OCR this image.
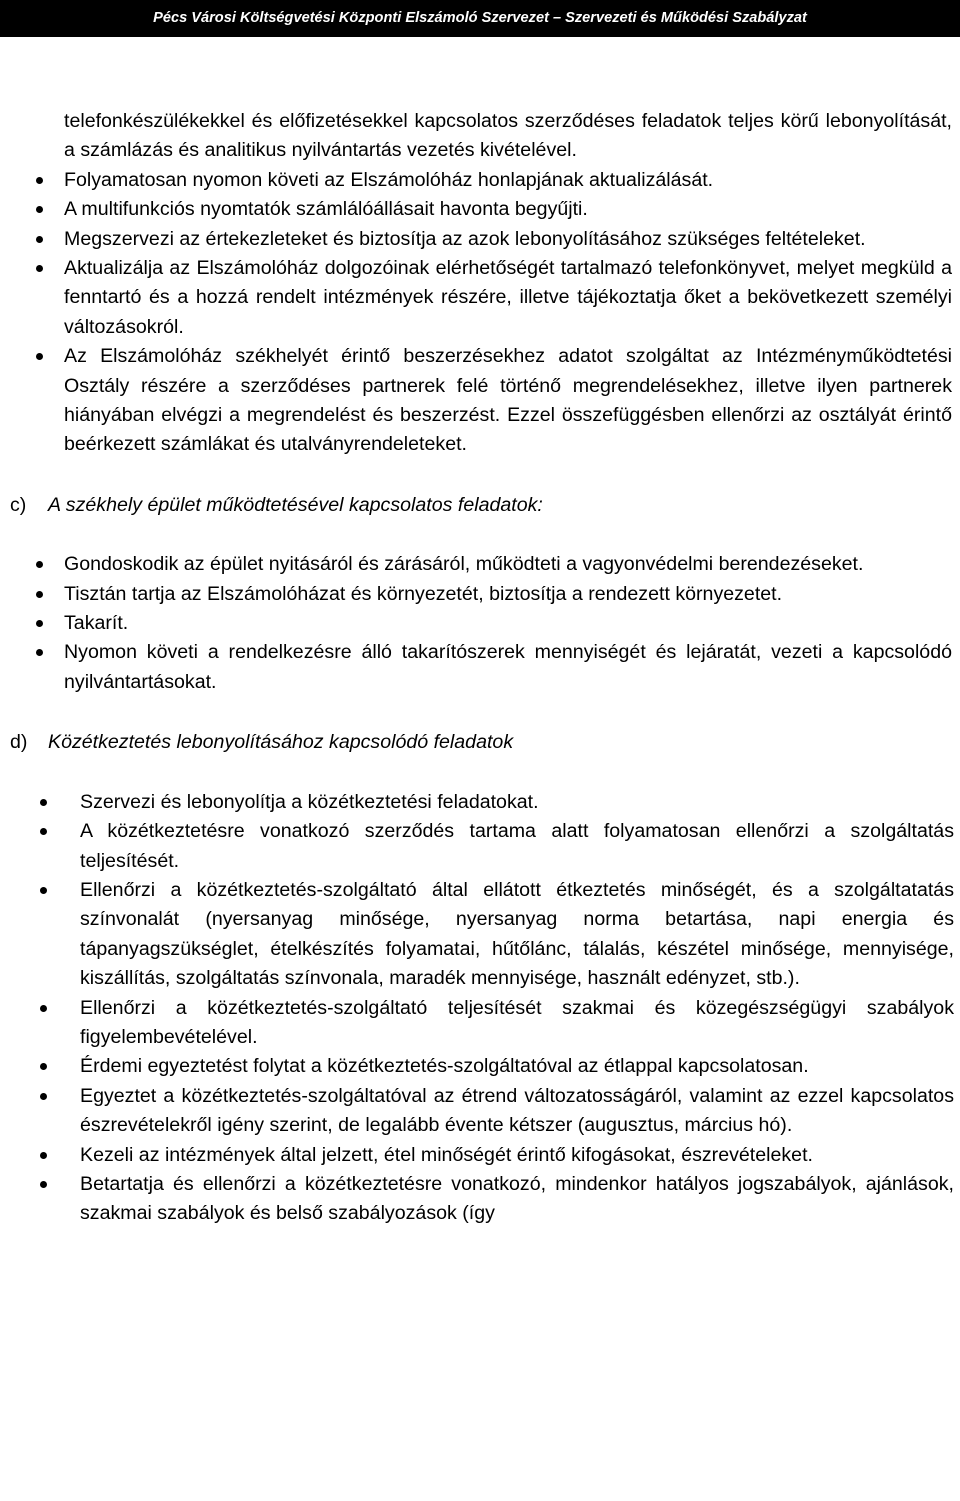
Pécs Városi Költségvetési Központi Elszámoló Szervezet – Szervezeti és Működési Szabályzat
telefonkészülékekkel és előfizetésekkel kapcsolatos szerződéses feladatok teljes körű lebonyolítását, a számlázás és analitikus nyilvántartás vezetés kivételével.
Folyamatosan nyomon követi az Elszámolóház honlapjának aktualizálását.
A multifunkciós nyomtatók számlálóállásait havonta begyűjti.
Megszervezi az értekezleteket és biztosítja az azok lebonyolításához szükséges feltételeket.
Aktualizálja az Elszámolóház dolgozóinak elérhetőségét tartalmazó telefonkönyvet, melyet megküld a fenntartó és a hozzá rendelt intézmények részére, illetve tájékoztatja őket a bekövetkezett személyi változásokról.
Az Elszámolóház székhelyét érintő beszerzésekhez adatot szolgáltat az Intézményműködtetési Osztály részére a szerződéses partnerek felé történő megrendelésekhez, illetve ilyen partnerek hiányában elvégzi a megrendelést és beszerzést. Ezzel összefüggésben ellenőrzi az osztályát érintő beérkezett számlákat és utalványrendeleteket.
c) A székhely épület működtetésével kapcsolatos feladatok:
Gondoskodik az épület nyitásáról és zárásáról, működteti a vagyonvédelmi berendezéseket.
Tisztán tartja az Elszámolóházat és környezetét, biztosítja a rendezett környezetet.
Takarít.
Nyomon követi a rendelkezésre álló takarítószerek mennyiségét és lejáratát, vezeti a kapcsolódó nyilvántartásokat.
d) Közétkeztetés lebonyolításához kapcsolódó feladatok
Szervezi és lebonyolítja a közétkeztetési feladatokat.
A közétkeztetésre vonatkozó szerződés tartama alatt folyamatosan ellenőrzi a szolgáltatás teljesítését.
Ellenőrzi a közétkeztetés-szolgáltató által ellátott étkeztetés minőségét, és a szolgáltatatás színvonalát (nyersanyag minősége, nyersanyag norma betartása, napi energia és tápanyagszükséglet, ételkészítés folyamatai, hűtőlánc, tálalás, készétel minősége, mennyisége, kiszállítás, szolgáltatás színvonala, maradék mennyisége, használt edényzet, stb.).
Ellenőrzi a közétkeztetés-szolgáltató teljesítését szakmai és közegészségügyi szabályok figyelembevételével.
Érdemi egyeztetést folytat a közétkeztetés-szolgáltatóval az étlappal kapcsolatosan.
Egyeztet a közétkeztetés-szolgáltatóval az étrend változatosságáról, valamint az ezzel kapcsolatos észrevételekről igény szerint, de legalább évente kétszer (augusztus, március hó).
Kezeli az intézmények által jelzett, étel minőségét érintő kifogásokat, észrevételeket.
Betartatja és ellenőrzi a közétkeztetésre vonatkozó, mindenkor hatályos jogszabályok, ajánlások, szakmai szabályok és belső szabályozások (így
